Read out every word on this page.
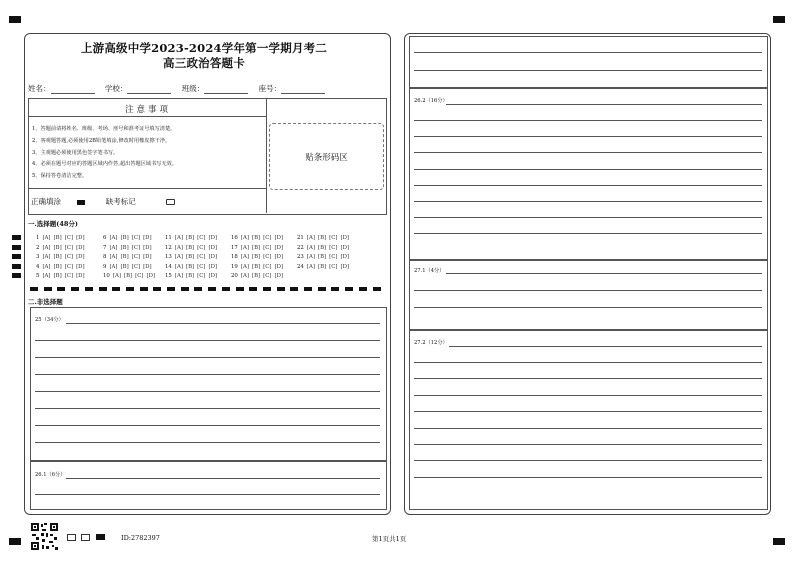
上游高级中学2023-2024学年第一学期月考二
高三政治答题卡
姓名：	学校：	班级：	座号：
注意事项
1、答题前请将姓名、班级、考场、座号和准考证号填写清楚。
2、客观题答题,必须使用2B铅笔填涂,修改时用橡皮擦干净。
3、主观题必须使用黑色签字笔书写。
4、必须在题号对应的答题区域内作答,超出答题区域书写无效。
5、保持答卷清洁完整。
贴条形码区
正确填涂	缺考标记
一.选择题(48分)
1 [A] [B] [C] [D]
2 [A] [B] [C] [D]
3 [A] [B] [C] [D]
4 [A] [B] [C] [D]
5 [A] [B] [C] [D]
6 [A] [B] [C] [D]
7 [A] [B] [C] [D]
8 [A] [B] [C] [D]
9 [A] [B] [C] [D]
10 [A] [B] [C] [D]
11 [A] [B] [C] [D]
12 [A] [B] [C] [D]
13 [A] [B] [C] [D]
14 [A] [B] [C] [D]
15 [A] [B] [C] [D]
16 [A] [B] [C] [D]
17 [A] [B] [C] [D]
18 [A] [B] [C] [D]
19 [A] [B] [C] [D]
20 [A] [B] [C] [D]
21 [A] [B] [C] [D]
22 [A] [B] [C] [D]
23 [A] [B] [C] [D]
24 [A] [B] [C] [D]
二.非选择题
25（34分）
26.1（6分）
ID:2782397	第1页共1页
26.2（16分）
27.1（4分）
27.2（12分）
